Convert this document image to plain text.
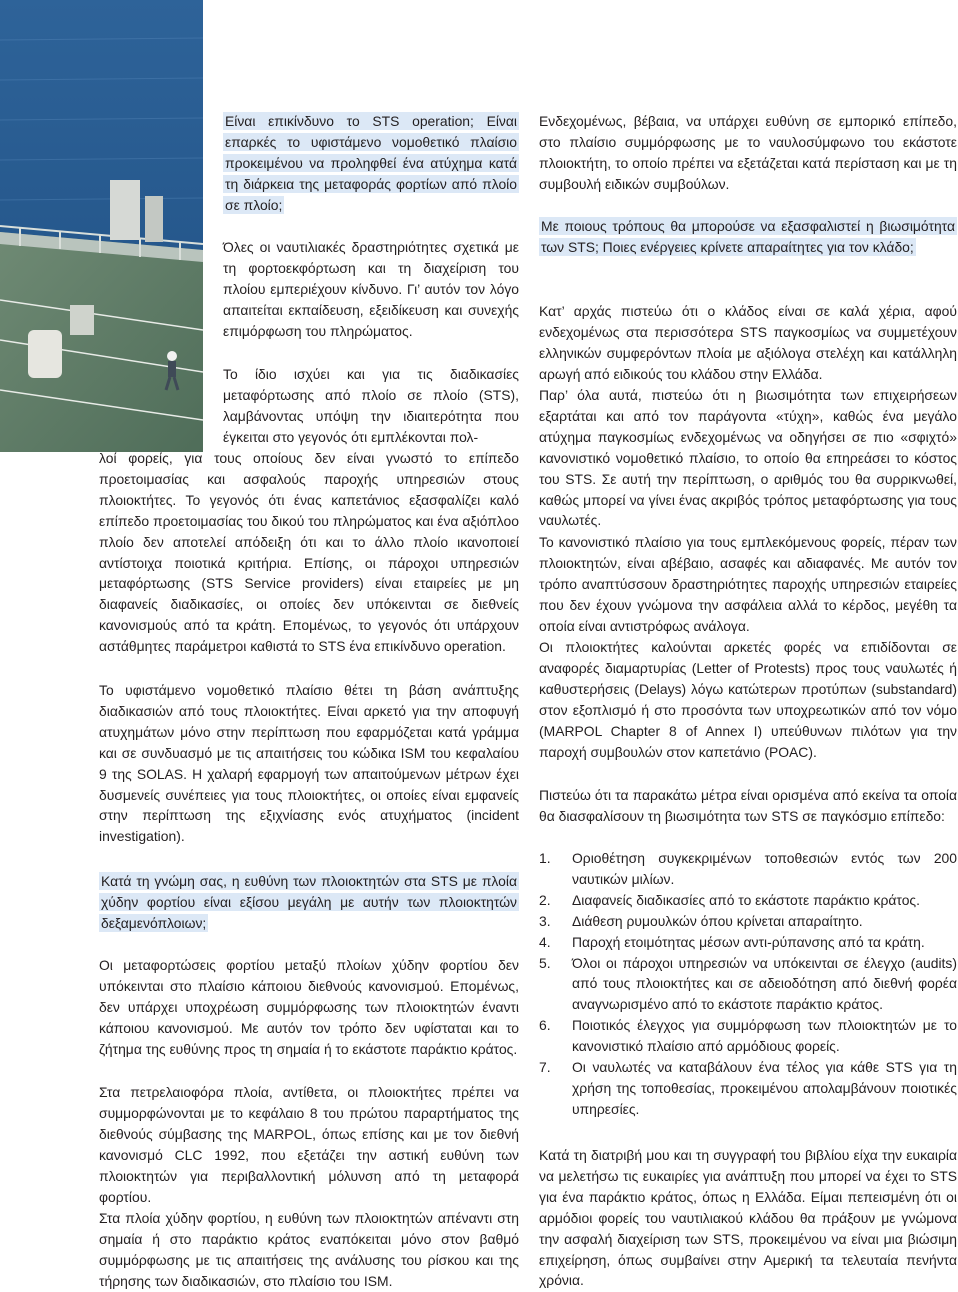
Είναι επικίνδυνο το STS operation; Είναι επαρκές το υφιστάμενο νομοθετικό πλαίσιο προκειμένου να προληφθεί ένα ατύχημα κατά τη διάρκεια της μεταφοράς φορτίων από πλοίο σε πλοίο;

Όλες οι ναυτιλιακές δραστηριότητες σχετικά με τη φορτοεκφόρτωση και τη διαχείριση του πλοίου εμπεριέχουν κίνδυνο. Γι’ αυτόν τον λόγο απαιτείται εκπαίδευση, εξειδίκευση και συνεχής επιμόρφωση του πληρώματος.

Το ίδιο ισχύει και για τις διαδικασίες μεταφόρτωσης από πλοίο σε πλοίο (STS), λαμβάνοντας υπόψη την ιδιαιτερότητα που έγκειται στο γεγονός ότι εμπλέκονται πολ-

λοί φορείς, για τους οποίους δεν είναι γνωστό το επίπεδο προετοιμασίας και ασφαλούς παροχής υπηρεσιών στους πλοιοκτήτες. Το γεγονός ότι ένας καπετάνιος εξασφαλίζει καλό επίπεδο προετοιμασίας του δικού του πληρώματος και ένα αξιόπλοο πλοίο δεν αποτελεί απόδειξη ότι και το άλλο πλοίο ικανοποιεί αντίστοιχα ποιοτικά κριτήρια. Επίσης, οι πάροχοι υπηρεσιών μεταφόρτωσης (STS Service providers) είναι εταιρείες με μη διαφανείς διαδικασίες, οι οποίες δεν υπόκεινται σε διεθνείς κανονισμούς από τα κράτη. Επομένως, το γεγονός ότι υπάρχουν αστάθμητες παράμετροι καθιστά το STS ένα επικίνδυνο operation.

Το υφιστάμενο νομοθετικό πλαίσιο θέτει τη βάση ανάπτυξης διαδικασιών από τους πλοιοκτήτες. Είναι αρκετό για την αποφυγή ατυχημάτων μόνο στην περίπτωση που εφαρμόζεται κατά γράμμα και σε συνδυασμό με τις απαιτήσεις του κώδικα ISM του κεφαλαίου 9 της SOLAS. Η χαλαρή εφαρμογή των απαιτούμενων μέτρων έχει δυσμενείς συνέπειες για τους πλοιοκτήτες, οι οποίες είναι εμφανείς στην περίπτωση της εξιχνίασης ενός ατυχήματος (incident investigation).

Κατά τη γνώμη σας, η ευθύνη των πλοιοκτητών στα STS με πλοία χύδην φορτίου είναι εξίσου μεγάλη με αυτήν των πλοιοκτητών δεξαμενόπλοιων;

Οι μεταφορτώσεις φορτίου μεταξύ πλοίων χύδην φορτίου δεν υπόκεινται στο πλαίσιο κάποιου διεθνούς κανονισμού. Επομένως, δεν υπάρχει υποχρέωση συμμόρφωσης των πλοιοκτητών έναντι κάποιου κανονισμού. Με αυτόν τον τρόπο δεν υφίσταται και το ζήτημα της ευθύνης προς τη σημαία ή το εκάστοτε παράκτιο κράτος.

Στα πετρελαιοφόρα πλοία, αντίθετα, οι πλοιοκτήτες πρέπει να συμμορφώνονται με το κεφάλαιο 8 του πρώτου παραρτήματος της διεθνούς σύμβασης της MARPOL, όπως επίσης και με τον διεθνή κανονισμό CLC 1992, που εξετάζει την αστική ευθύνη των πλοιοκτητών για περιβαλλοντική μόλυνση από τη μεταφορά φορτίου.

Στα πλοία χύδην φορτίου, η ευθύνη των πλοιοκτητών απέναντι στη σημαία ή στο παράκτιο κράτος εναπόκειται μόνο στον βαθμό συμμόρφωσης με τις απαιτήσεις της ανάλυσης του ρίσκου και της τήρησης των διαδικασιών, στο πλαίσιο του ISM.

Ενδεχομένως, βέβαια, να υπάρχει ευθύνη σε εμπορικό επίπεδο, στο πλαίσιο συμμόρφωσης με το ναυλοσύμφωνο του εκάστοτε πλοιοκτήτη, το οποίο πρέπει να εξετάζεται κατά περίσταση και με τη συμβουλή ειδικών συμβούλων.

Με ποιους τρόπους θα μπορούσε να εξασφαλιστεί η βιωσιμότητα των STS; Ποιες ενέργειες κρίνετε απαραίτητες για τον κλάδο;

Κατ’ αρχάς πιστεύω ότι ο κλάδος είναι σε καλά χέρια, αφού ενδεχομένως στα περισσότερα STS παγκοσμίως να συμμετέχουν ελληνικών συμφερόντων πλοία με αξιόλογα στελέχη και κατάλληλη αρωγή από ειδικούς του κλάδου στην Ελλάδα.

Παρ’ όλα αυτά, πιστεύω ότι η βιωσιμότητα των επιχειρήσεων εξαρτάται και από τον παράγοντα «τύχη», καθώς ένα μεγάλο ατύχημα παγκοσμίως ενδεχομένως να οδηγήσει σε πιο «σφιχτό» κανονιστικό νομοθετικό πλαίσιο, το οποίο θα επηρεάσει το κόστος του STS. Σε αυτή την περίπτωση, ο αριθμός του θα συρρικνωθεί, καθώς μπορεί να γίνει ένας ακριβός τρόπος μεταφόρτωσης για τους ναυλωτές.

Το κανονιστικό πλαίσιο για τους εμπλεκόμενους φορείς, πέραν των πλοιοκτητών, είναι αβέβαιο, ασαφές και αδιαφανές. Με αυτόν τον τρόπο αναπτύσσουν δραστηριότητες παροχής υπηρεσιών εταιρείες που δεν έχουν γνώμονα την ασφάλεια αλλά το κέρδος, μεγέθη τα οποία είναι αντιστρόφως ανάλογα.

Οι πλοιοκτήτες καλούνται αρκετές φορές να επιδίδονται σε αναφορές διαμαρτυρίας (Letter of Protests) προς τους ναυλωτές ή καθυστερήσεις (Delays) λόγω κατώτερων προτύπων (substandard) στον εξοπλισμό ή στο προσόντα των υποχρεωτικών από τον νόμο (MARPOL Chapter 8 of Annex I) υπεύθυνων πιλότων για την παροχή συμβουλών στον καπετάνιο (POAC).

Πιστεύω ότι τα παρακάτω μέτρα είναι ορισμένα από εκείνα τα οποία θα διασφαλίσουν τη βιωσιμότητα των STS σε παγκόσμιο επίπεδο:

1. Οριοθέτηση συγκεκριμένων τοποθεσιών εντός των 200 ναυτικών μιλίων.
2. Διαφανείς διαδικασίες από το εκάστοτε παράκτιο κράτος.
3. Διάθεση ρυμουλκών όπου κρίνεται απαραίτητο.
4. Παροχή ετοιμότητας μέσων αντι-ρύπανσης από τα κράτη.
5. Όλοι οι πάροχοι υπηρεσιών να υπόκεινται σε έλεγχο (audits) από τους πλοιοκτήτες και σε αδειοδότηση από διεθνή φορέα αναγνωρισμένο από το εκάστοτε παράκτιο κράτος.
6. Ποιοτικός έλεγχος για συμμόρφωση των πλοιοκτητών με το κανονιστικό πλαίσιο από αρμόδιους φορείς.
7. Οι ναυλωτές να καταβάλουν ένα τέλος για κάθε STS για τη χρήση της τοποθεσίας, προκειμένου απολαμβάνουν ποιοτικές υπηρεσίες.

Κατά τη διατριβή μου και τη συγγραφή του βιβλίου είχα την ευκαιρία να μελετήσω τις ευκαιρίες για ανάπτυξη που μπορεί να έχει το STS για ένα παράκτιο κράτος, όπως η Ελλάδα. Είμαι πεπεισμένη ότι οι αρμόδιοι φορείς του ναυτιλιακού κλάδου θα πράξουν με γνώμονα την ασφαλή διαχείριση των STS, προκειμένου να είναι μια βιώσιμη επιχείρηση, όπως συμβαίνει στην Αμερική τα τελευταία πενήντα χρόνια.
